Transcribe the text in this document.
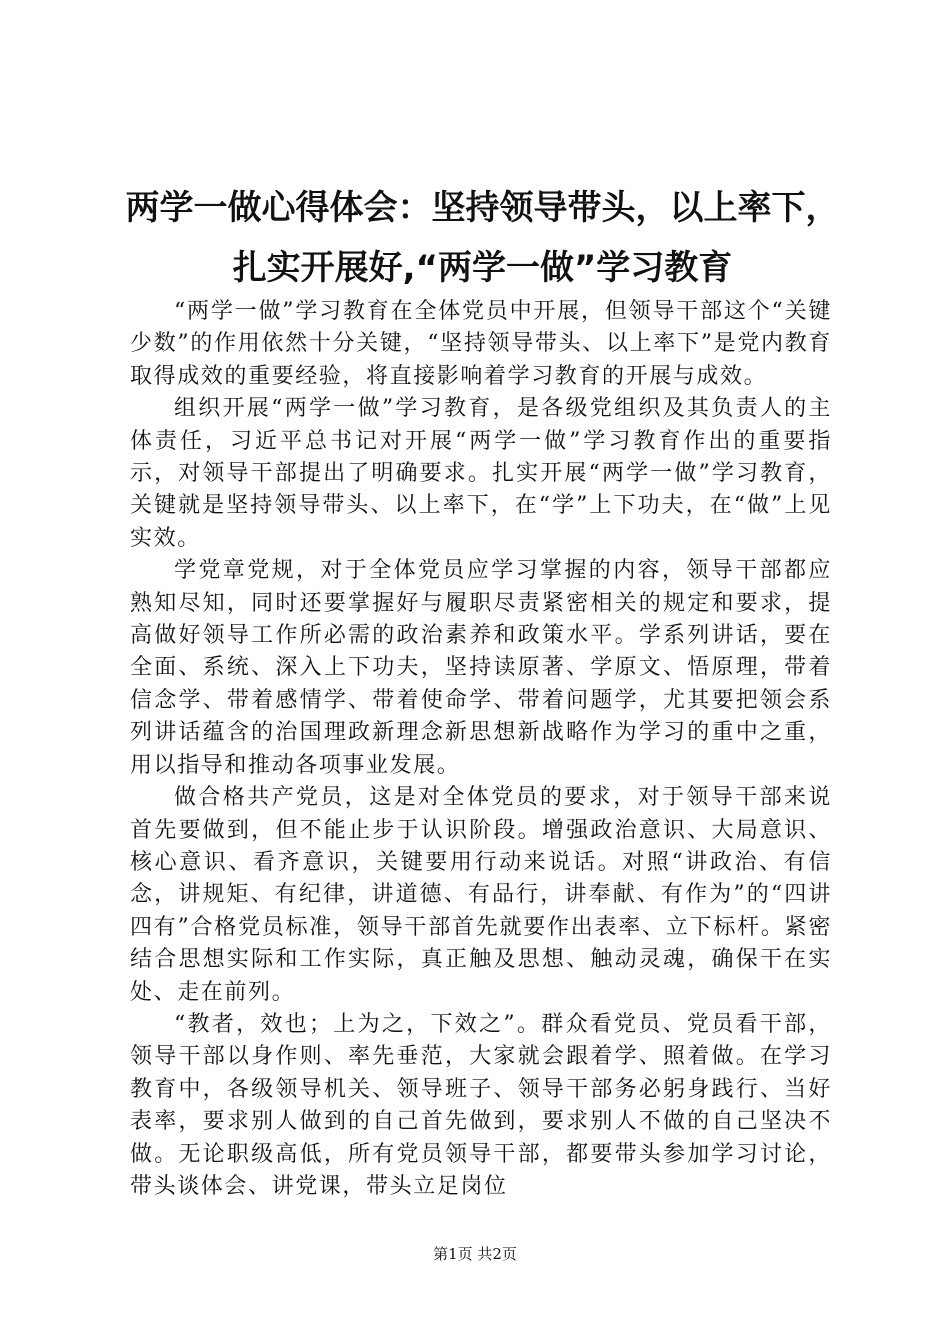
两学一做心得体会：坚持领导带头，以上率下，
扎实开展好,“两学一做”学习教育

“两学一做”学习教育在全体党员中开展，但领导干部这个“关键少数”的作用依然十分关键，“坚持领导带头、以上率下”是党内教育取得成效的重要经验，将直接影响着学习教育的开展与成效。

组织开展“两学一做”学习教育，是各级党组织及其负责人的主体责任，习近平总书记对开展“两学一做”学习教育作出的重要指示，对领导干部提出了明确要求。扎实开展“两学一做”学习教育，关键就是坚持领导带头、以上率下，在“学”上下功夫，在“做”上见实效。

学党章党规，对于全体党员应学习掌握的内容，领导干部都应熟知尽知，同时还要掌握好与履职尽责紧密相关的规定和要求，提高做好领导工作所必需的政治素养和政策水平。学系列讲话，要在全面、系统、深入上下功夫，坚持读原著、学原文、悟原理，带着信念学、带着感情学、带着使命学、带着问题学，尤其要把领会系列讲话蕴含的治国理政新理念新思想新战略作为学习的重中之重，用以指导和推动各项事业发展。

做合格共产党员，这是对全体党员的要求，对于领导干部来说首先要做到，但不能止步于认识阶段。增强政治意识、大局意识、核心意识、看齐意识，关键要用行动来说话。对照“讲政治、有信念，讲规矩、有纪律，讲道德、有品行，讲奉献、有作为”的“四讲四有”合格党员标准，领导干部首先就要作出表率、立下标杆。紧密结合思想实际和工作实际，真正触及思想、触动灵魂，确保干在实处、走在前列。

“教者，效也；上为之，下效之”。群众看党员、党员看干部，领导干部以身作则、率先垂范，大家就会跟着学、照着做。在学习教育中，各级领导机关、领导班子、领导干部务必躬身践行、当好表率，要求别人做到的自己首先做到，要求别人不做的自己坚决不做。无论职级高低，所有党员领导干部，都要带头参加学习讨论，带头谈体会、讲党课，带头立足岗位

第1页 共2页
